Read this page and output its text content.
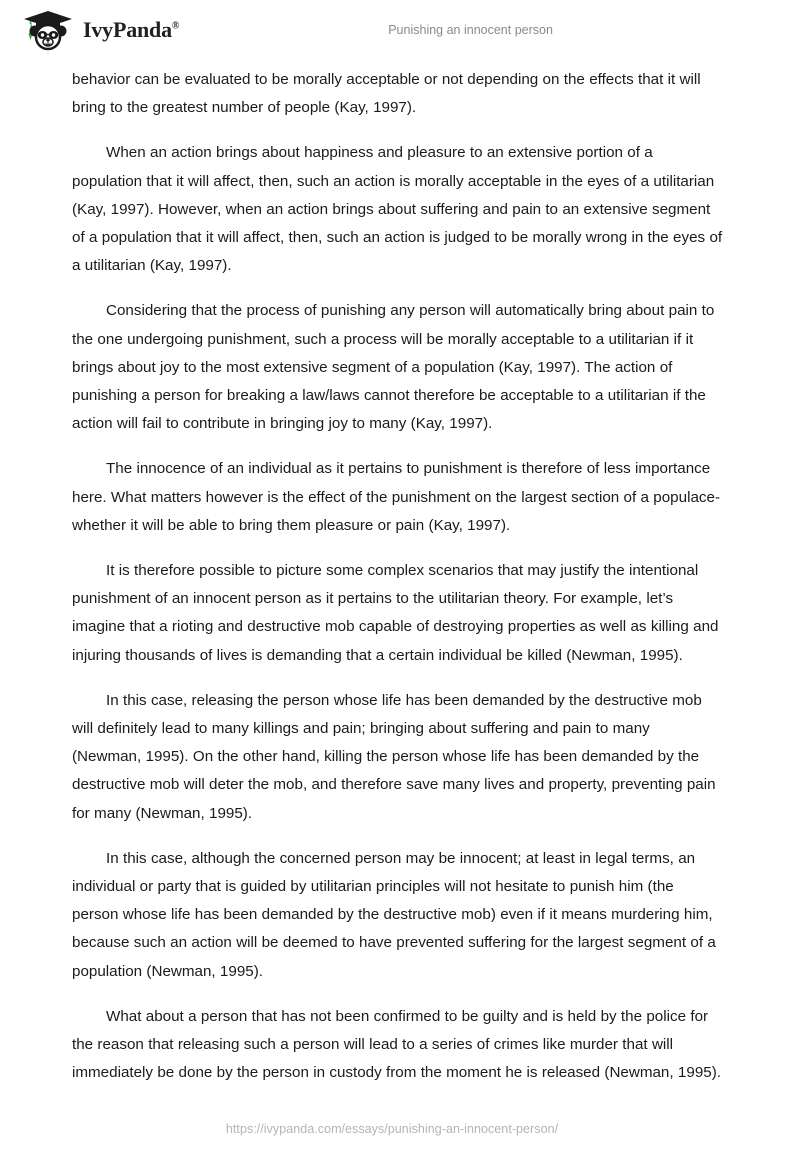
IvyPanda®	Punishing an innocent person

behavior can be evaluated to be morally acceptable or not depending on the effects that it will bring to the greatest number of people (Kay, 1997).

When an action brings about happiness and pleasure to an extensive portion of a population that it will affect, then, such an action is morally acceptable in the eyes of a utilitarian (Kay, 1997). However, when an action brings about suffering and pain to an extensive segment of a population that it will affect, then, such an action is judged to be morally wrong in the eyes of a utilitarian (Kay, 1997).

Considering that the process of punishing any person will automatically bring about pain to the one undergoing punishment, such a process will be morally acceptable to a utilitarian if it brings about joy to the most extensive segment of a population (Kay, 1997). The action of punishing a person for breaking a law/laws cannot therefore be acceptable to a utilitarian if the action will fail to contribute in bringing joy to many (Kay, 1997).

The innocence of an individual as it pertains to punishment is therefore of less importance here. What matters however is the effect of the punishment on the largest section of a populace-whether it will be able to bring them pleasure or pain (Kay, 1997).

It is therefore possible to picture some complex scenarios that may justify the intentional punishment of an innocent person as it pertains to the utilitarian theory. For example, let’s imagine that a rioting and destructive mob capable of destroying properties as well as killing and injuring thousands of lives is demanding that a certain individual be killed (Newman, 1995).

In this case, releasing the person whose life has been demanded by the destructive mob will definitely lead to many killings and pain; bringing about suffering and pain to many (Newman, 1995). On the other hand, killing the person whose life has been demanded by the destructive mob will deter the mob, and therefore save many lives and property, preventing pain for many (Newman, 1995).

In this case, although the concerned person may be innocent; at least in legal terms, an individual or party that is guided by utilitarian principles will not hesitate to punish him (the person whose life has been demanded by the destructive mob) even if it means murdering him, because such an action will be deemed to have prevented suffering for the largest segment of a population (Newman, 1995).

What about a person that has not been confirmed to be guilty and is held by the police for the reason that releasing such a person will lead to a series of crimes like murder that will immediately be done by the person in custody from the moment he is released (Newman, 1995).

https://ivypanda.com/essays/punishing-an-innocent-person/
